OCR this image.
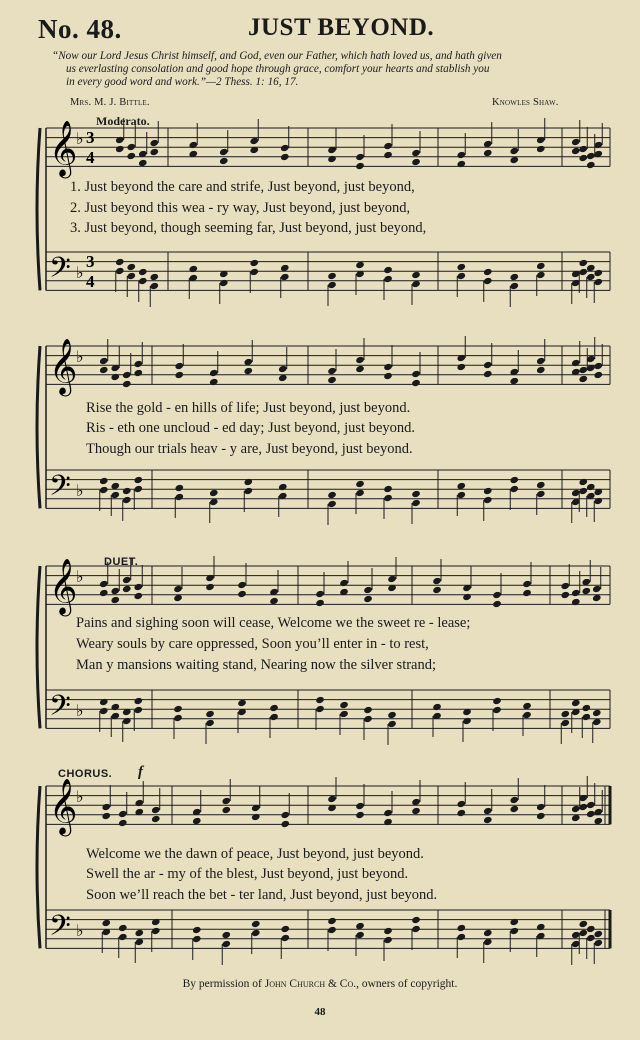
No. 48.	JUST BEYOND.
“Now our Lord Jesus Christ himself, and God, even our Father, which hath loved us, and hath given
us everlasting consolation and good hope through grace, comfort your hearts and stablish you
in every good word and work.”—2 Thess. 1: 16, 17.
Mrs. M. J. Bittle.	Knowles Shaw.
Moderato.
DUET.
CHORUS. f
𝄞
𝄢
♭
♭
3
4
3
4
𝄞
𝄢
♭
♭
𝄞
𝄢
♭
♭
𝄞
𝄢
♭
♭
1. Just beyond the care and strife, Just beyond, just beyond,
2. Just beyond this wea - ry way, Just beyond, just beyond,
3. Just beyond, though seeming far, Just beyond, just beyond,
Rise the gold - en hills of life; Just beyond, just beyond.
Ris - eth one uncloud - ed day; Just beyond, just beyond.
Though our trials heav - y are, Just beyond, just beyond.
Pains and sighing soon will cease, Welcome we the sweet re - lease;
Weary souls by care oppressed, Soon you’ll enter in - to rest,
Man y mansions waiting stand, Nearing now the silver strand;
Welcome we the dawn of peace, Just beyond, just beyond.
Swell the ar - my of the blest, Just beyond, just beyond.
Soon we’ll reach the bet - ter land, Just beyond, just beyond.
By permission of John Church & Co., owners of copyright.
48
